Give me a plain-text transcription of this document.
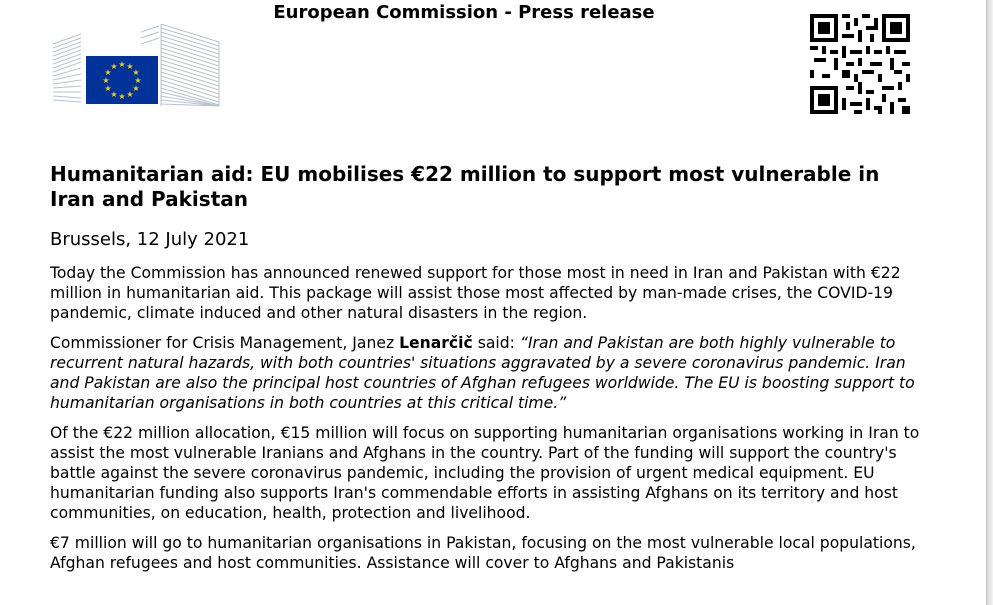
European Commission - Press release
★ ★
★
★
★
★
★
★
★
★
★
★
Humanitarian aid: EU mobilises €22 million to support most vulnerable in Iran and Pakistan
Brussels, 12 July 2021

Today the Commission has announced renewed support for those most in need in Iran and Pakistan with €22 million in humanitarian aid. This package will assist those most affected by man-made crises, the COVID-19 pandemic, climate induced and other natural disasters in the region.

Commissioner for Crisis Management, Janez Lenarčič said: “Iran and Pakistan are both highly vulnerable to recurrent natural hazards, with both countries' situations aggravated by a severe coronavirus pandemic. Iran and Pakistan are also the principal host countries of Afghan refugees worldwide. The EU is boosting support to humanitarian organisations in both countries at this critical time.”

Of the €22 million allocation, €15 million will focus on supporting humanitarian organisations working in Iran to assist the most vulnerable Iranians and Afghans in the country. Part of the funding will support the country's battle against the severe coronavirus pandemic, including the provision of urgent medical equipment. EU humanitarian funding also supports Iran's commendable efforts in assisting Afghans on its territory and host communities, on education, health, protection and livelihood.

€7 million will go to humanitarian organisations in Pakistan, focusing on the most vulnerable local populations, Afghan refugees and host communities. Assistance will cover to Afghans and Pakistanis
